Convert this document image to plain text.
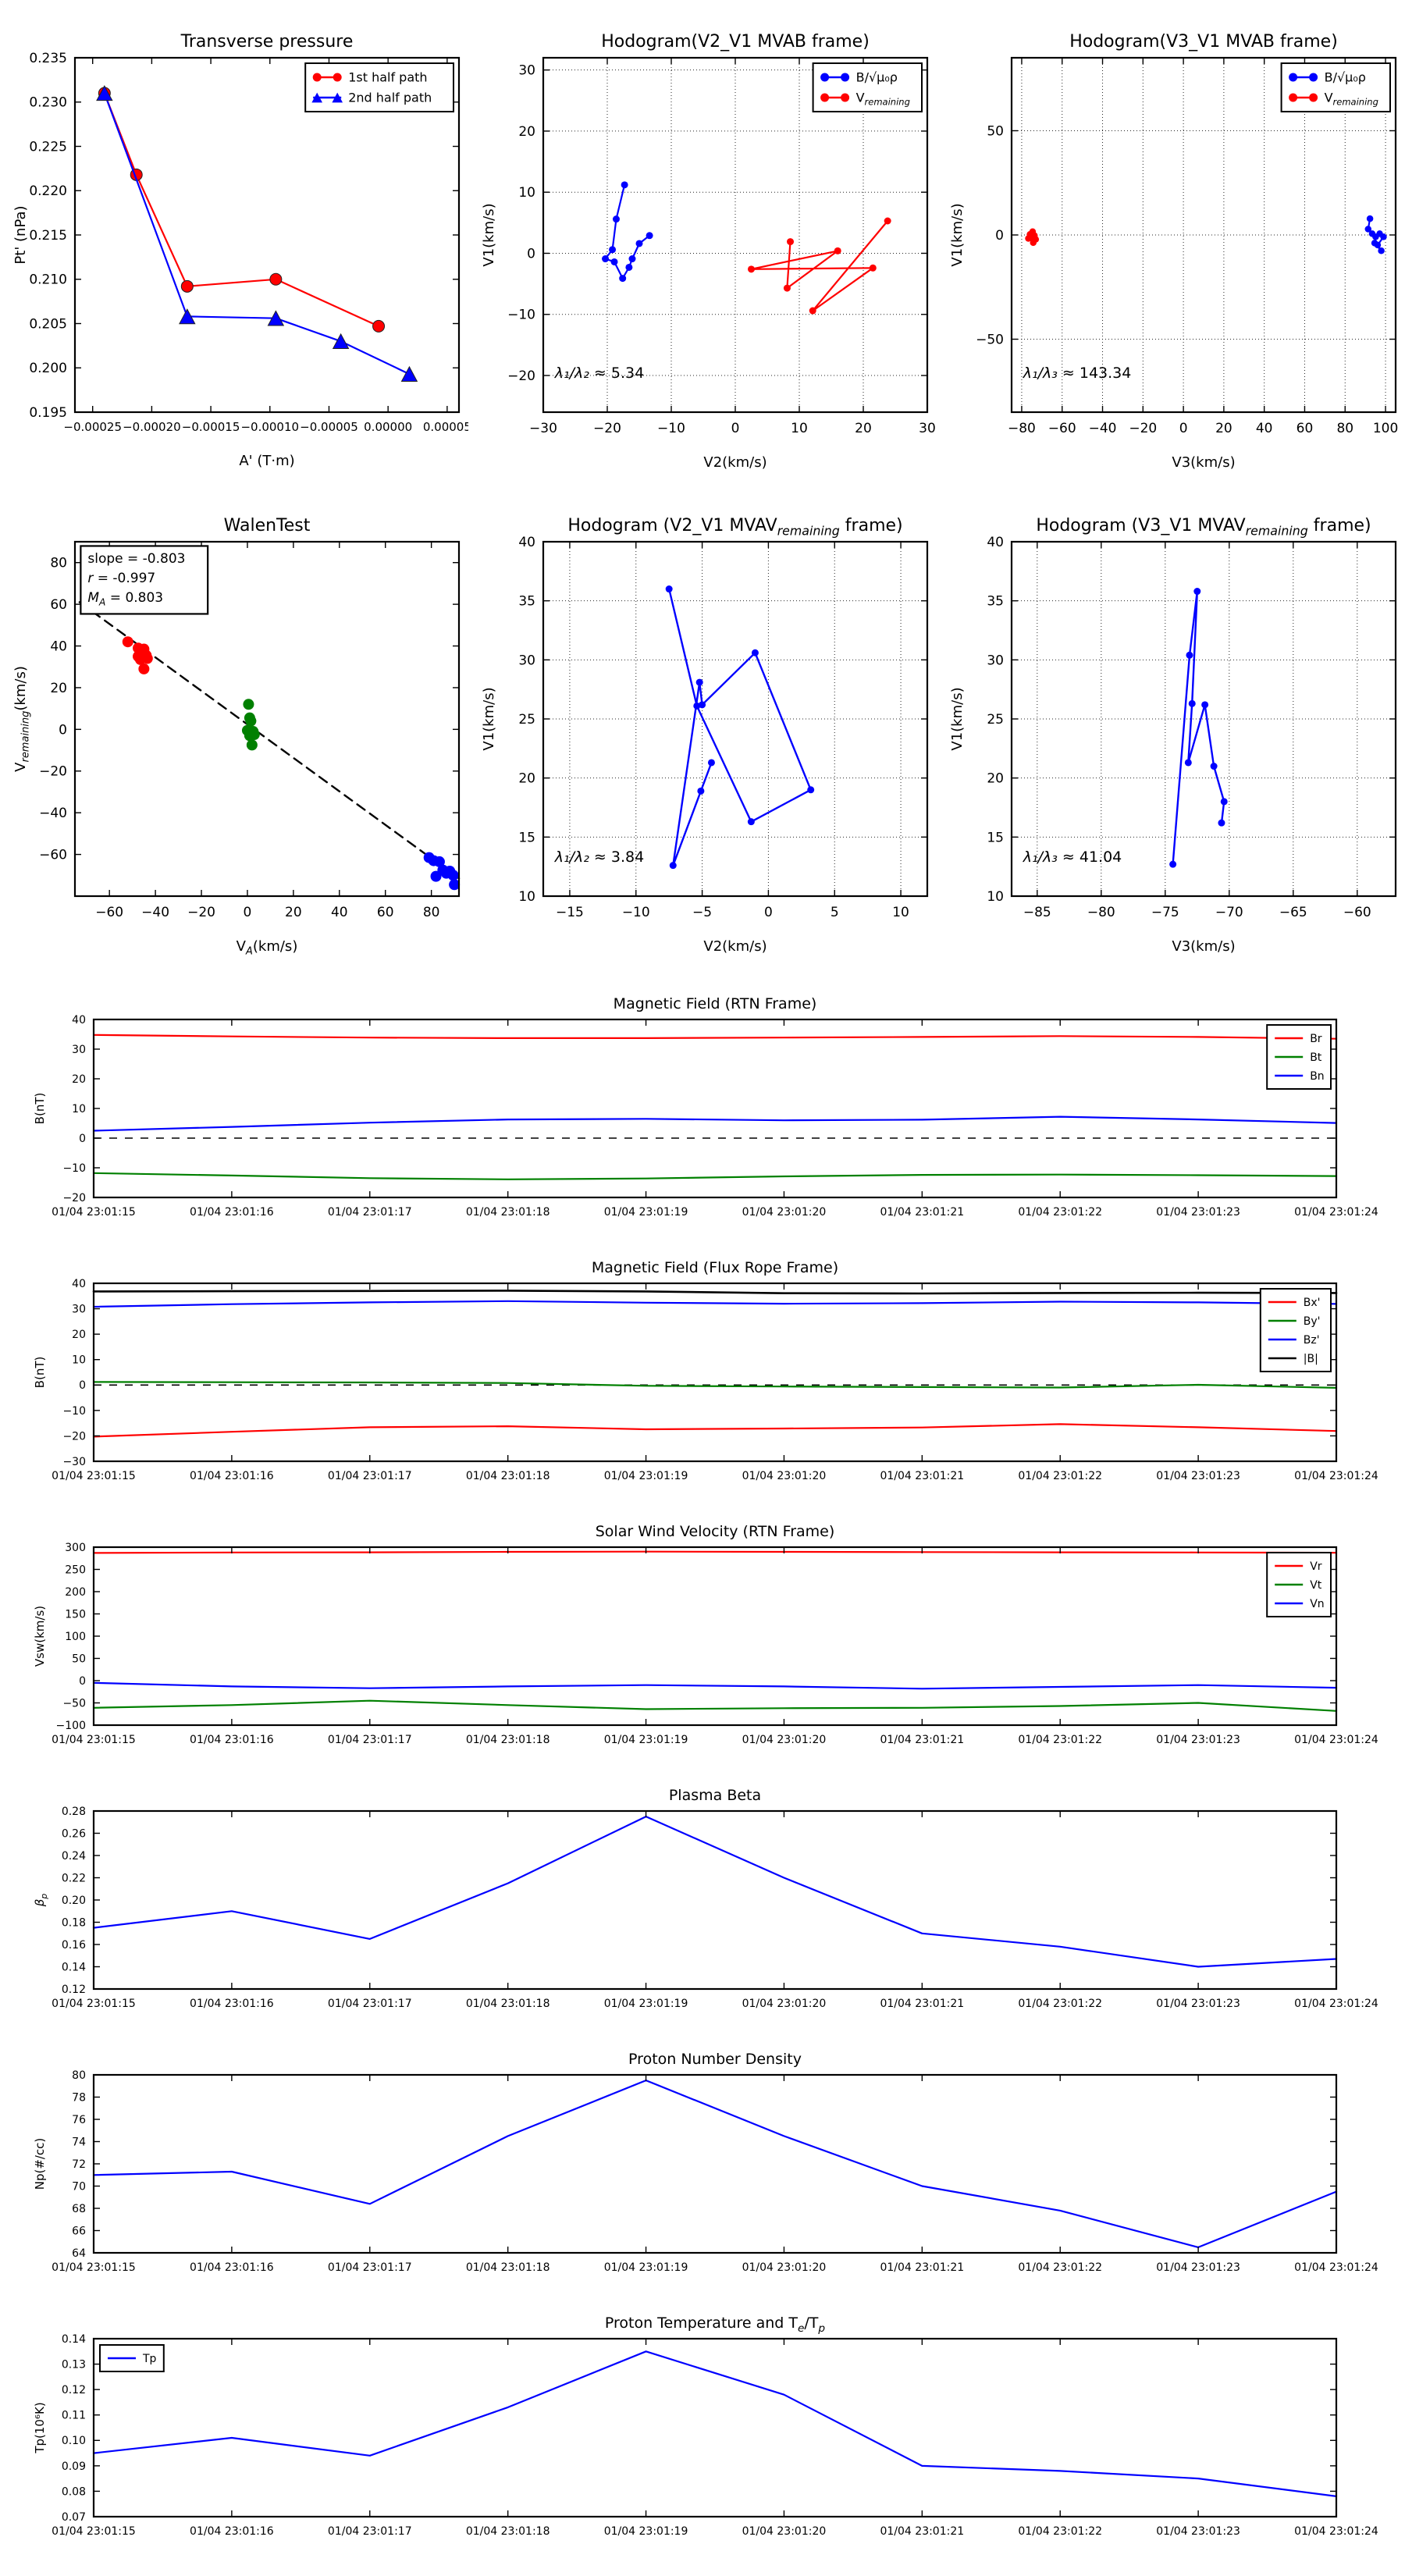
−0.00025 −0.00020 −0.00015 −0.00010 −0.00005 0.00000 0.00005
0.195
0.200
0.205
0.210
0.215
0.220
0.225
0.230
0.235
Transverse pressure
A' (T·m)
Pt' (nPa)
1st half path
2nd half path
−30	−20	−10	0	10	20	30
−20
−10
0
10
20
30
Hodogram(V2_V1 MVAB frame)
V2(km/s)
V1(km/s)
B/√μ₀ρ
$V_{remaining}$
λ₁/λ₂ ≈ 5.34
−80 −60 −40 −20 0 20 40 60 80 100
−50
0
50
Hodogram(V3_V1 MVAB frame)
V3(km/s)
V1(km/s)
B/√μ₀ρ
$V_{remaining}$
λ₁/λ₃ ≈ 143.34
−60 −40 −20 0	20 40 60 80
−60
−40
−20
0
20
40
60
80
WalenTest
$V_A(km/s)$
$V_{remaining}(km/s)$
slope = -0.803
r = -0.997
$M_A = 0.803$
−15	−10	−5	0	5	10
10
15
20
25
30
35
40
Hodogram (V2_V1 $MVAV_{remaining}$ frame)
V2(km/s)
V1(km/s)
λ₁/λ₂ ≈ 3.84
−85	−80	−75	−70	−65	−60
10
15
20
25
30
35
40
Hodogram (V3_V1 $MVAV_{remaining}$ frame)
V3(km/s)
V1(km/s)
λ₁/λ₃ ≈ 41.04
01/04 23:01:15	01/04 23:01:16	01/04 23:01:17	01/04 23:01:18	01/04 23:01:19	01/04 23:01:20	01/04 23:01:21	01/04 23:01:22	01/04 23:01:23	01/04 23:01:24
−20
−10
0
10
20
30
40
Magnetic Field (RTN Frame)
B(nT)
Br
Bt
Bn
01/04 23:01:15	01/04 23:01:16	01/04 23:01:17	01/04 23:01:18	01/04 23:01:19	01/04 23:01:20	01/04 23:01:21	01/04 23:01:22	01/04 23:01:23	01/04 23:01:24
−30
−20
−10
0
10
20
30
40
Magnetic Field (Flux Rope Frame)
B(nT)
Bx'
By'
Bz'
|B|
01/04 23:01:15	01/04 23:01:16	01/04 23:01:17	01/04 23:01:18	01/04 23:01:19	01/04 23:01:20	01/04 23:01:21	01/04 23:01:22	01/04 23:01:23	01/04 23:01:24
−100
−50
0
50
100
150
200
250
300
Solar Wind Velocity (RTN Frame)
Vsw(km/s)
Vr
Vt
Vn
01/04 23:01:15	01/04 23:01:16	01/04 23:01:17	01/04 23:01:18	01/04 23:01:19	01/04 23:01:20	01/04 23:01:21	01/04 23:01:22	01/04 23:01:23	01/04 23:01:24
0.12
0.14
0.16
0.18
0.20
0.22
0.24
0.26
0.28
Plasma Beta
$\beta_p$
01/04 23:01:15	01/04 23:01:16	01/04 23:01:17	01/04 23:01:18	01/04 23:01:19	01/04 23:01:20	01/04 23:01:21	01/04 23:01:22	01/04 23:01:23	01/04 23:01:24
64
66
68
70
72
74
76
78
80
Proton Number Density
Np(#/cc)
01/04 23:01:15	01/04 23:01:16	01/04 23:01:17	01/04 23:01:18	01/04 23:01:19	01/04 23:01:20	01/04 23:01:21	01/04 23:01:22	01/04 23:01:23	01/04 23:01:24
0.07
0.08
0.09
0.10
0.11
0.12
0.13
0.14
Proton Temperature and $T_e/T_p$
Tp(10⁶K)
Tp
